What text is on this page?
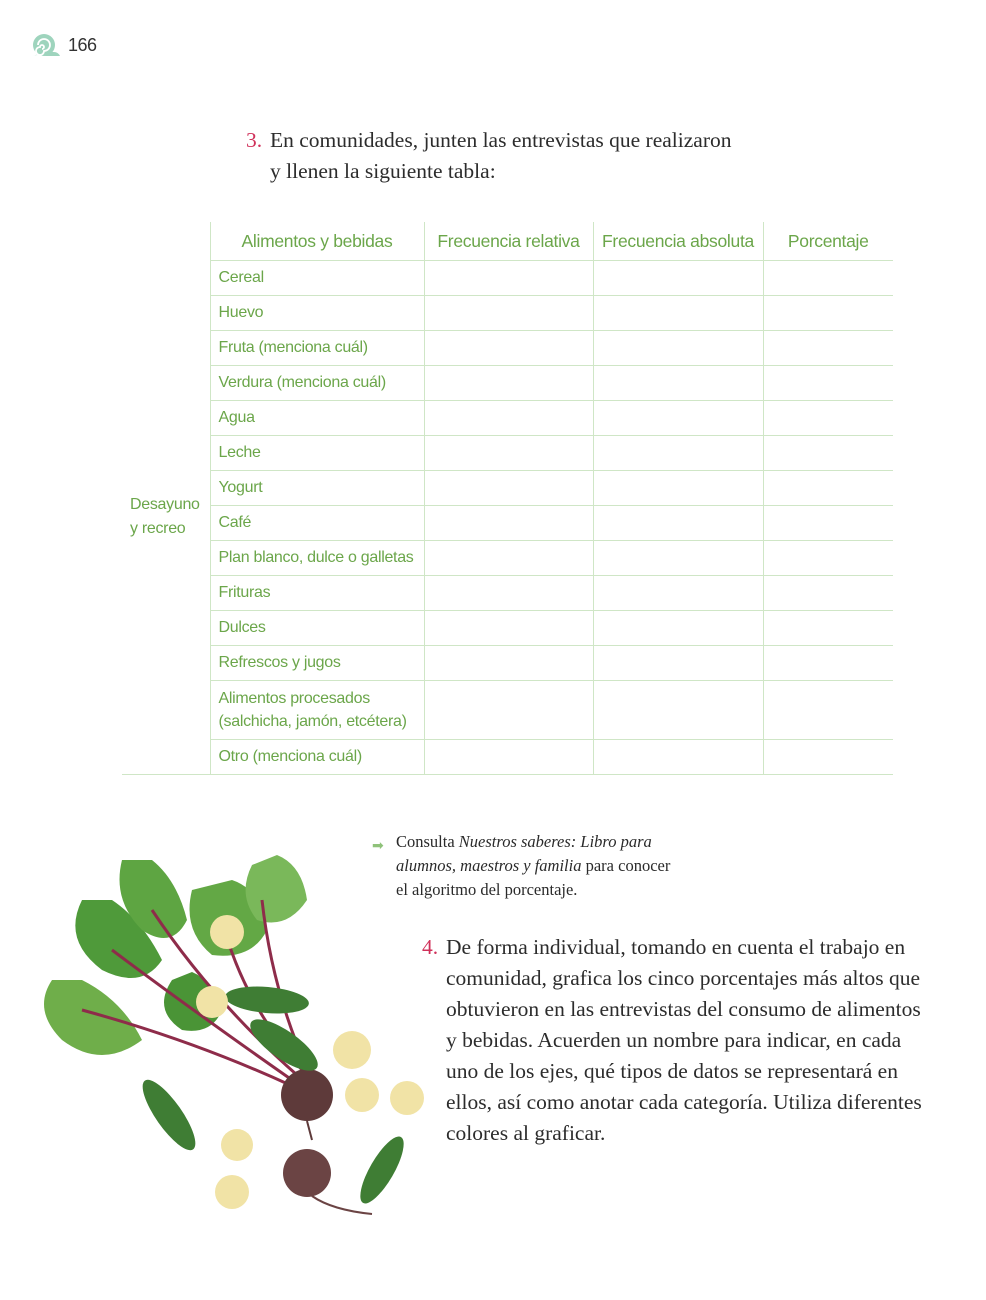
166
3. En comunidades, junten las entrevistas que realizaron
y llenen la siguiente tabla:
	Alimentos y bebidas	Frecuencia relativa	Frecuencia absoluta	Porcentaje

Desayuno
y recreo	Cereal			
	Huevo			
	Fruta (menciona cuál)			
	Verdura (menciona cuál)			
	Agua			
	Leche			
	Yogurt			
	Café			
	Plan blanco, dulce o galletas			
	Frituras			
	Dulces			
	Refrescos y jugos			

	Alimentos procesados
(salchicha, jamón, etcétera)			

	Otro (menciona cuál)			
➡ Consulta Nuestros saberes: Libro para alumnos, maestros y familia para conocer el algoritmo del porcentaje.
4. De forma individual, tomando en cuenta el trabajo en comunidad, grafica los cinco porcentajes más altos que obtuvieron en las entrevistas del consumo de alimentos y bebidas. Acuerden un nombre para indicar, en cada uno de los ejes, qué tipos de datos se representará en ellos, así como anotar cada categoría. Utiliza diferentes colores al graficar.
